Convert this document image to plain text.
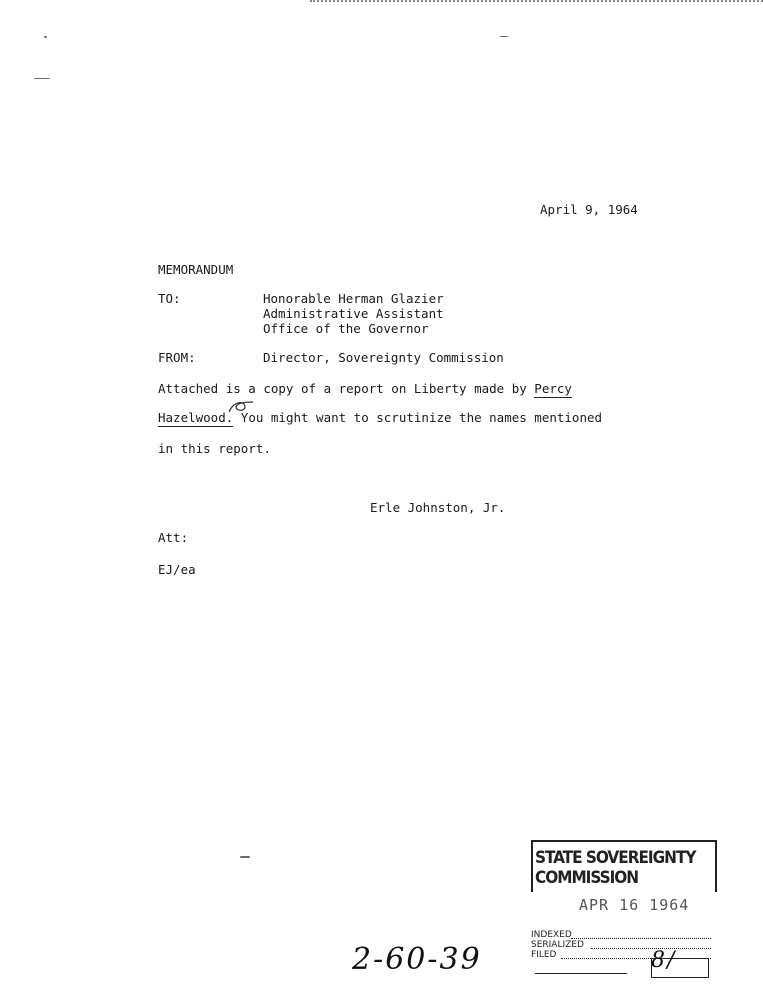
April 9, 1964
MEMORANDUM
TO:	Honorable Herman Glazier
Administrative Assistant
Office of the Governor
FROM:	Director, Sovereignty Commission
Attached is a copy of a report on Liberty made by Percy
Hazelwood. You might want to scrutinize the names mentioned
in this report.
Erle Johnston, Jr.
Att:
EJ/ea
STATE SOVEREIGNTY COMMISSION
APR 16 1964
INDEXED
SERIALIZED
FILED	8/
2-60-39
